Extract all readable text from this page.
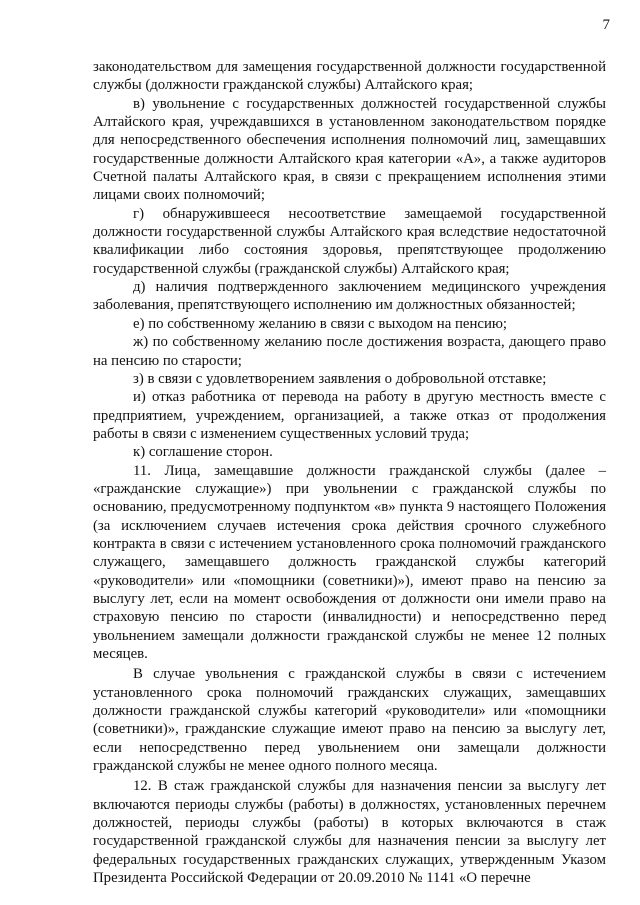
7

законодательством для замещения государственной должности государственной службы (должности гражданской службы) Алтайского края;

в) увольнение с государственных должностей государственной службы Алтайского края, учреждавшихся в установленном законодательством порядке для непосредственного обеспечения исполнения полномочий лиц, замещавших государственные должности Алтайского края категории «А», а также аудиторов Счетной палаты Алтайского края, в связи с прекращением исполнения этими лицами своих полномочий;

г) обнаружившееся несоответствие замещаемой государственной должности государственной службы Алтайского края вследствие недостаточной квалификации либо состояния здоровья, препятствующее продолжению государственной службы (гражданской службы) Алтайского края;

д) наличия подтвержденного заключением медицинского учреждения заболевания, препятствующего исполнению им должностных обязанностей;

е) по собственному желанию в связи с выходом на пенсию;

ж) по собственному желанию после достижения возраста, дающего право на пенсию по старости;

з) в связи с удовлетворением заявления о добровольной отставке;

и) отказ работника от перевода на работу в другую местность вместе с предприятием, учреждением, организацией, а также отказ от продолжения работы в связи с изменением существенных условий труда;

к) соглашение сторон.

11. Лица, замещавшие должности гражданской службы (далее – «гражданские служащие») при увольнении с гражданской службы по основанию, предусмотренному подпунктом «в» пункта 9 настоящего Положения (за исключением случаев истечения срока действия срочного служебного контракта в связи с истечением установленного срока полномочий гражданского служащего, замещавшего должность гражданской службы категорий «руководители» или «помощники (советники)»), имеют право на пенсию за выслугу лет, если на момент освобождения от должности они имели право на страховую пенсию по старости (инвалидности) и непосредственно перед увольнением замещали должности гражданской службы не менее 12 полных месяцев.

В случае увольнения с гражданской службы в связи с истечением установленного срока полномочий гражданских служащих, замещавших должности гражданской службы категорий «руководители» или «помощники (советники)», гражданские служащие имеют право на пенсию за выслугу лет, если непосредственно перед увольнением они замещали должности гражданской службы не менее одного полного месяца.

12. В стаж гражданской службы для назначения пенсии за выслугу лет включаются периоды службы (работы) в должностях, установленных перечнем должностей, периоды службы (работы) в которых включаются в стаж государственной гражданской службы для назначения пенсии за выслугу лет федеральных государственных гражданских служащих, утвержденным Указом Президента Российской Федерации от 20.09.2010 № 1141 «О перечне
